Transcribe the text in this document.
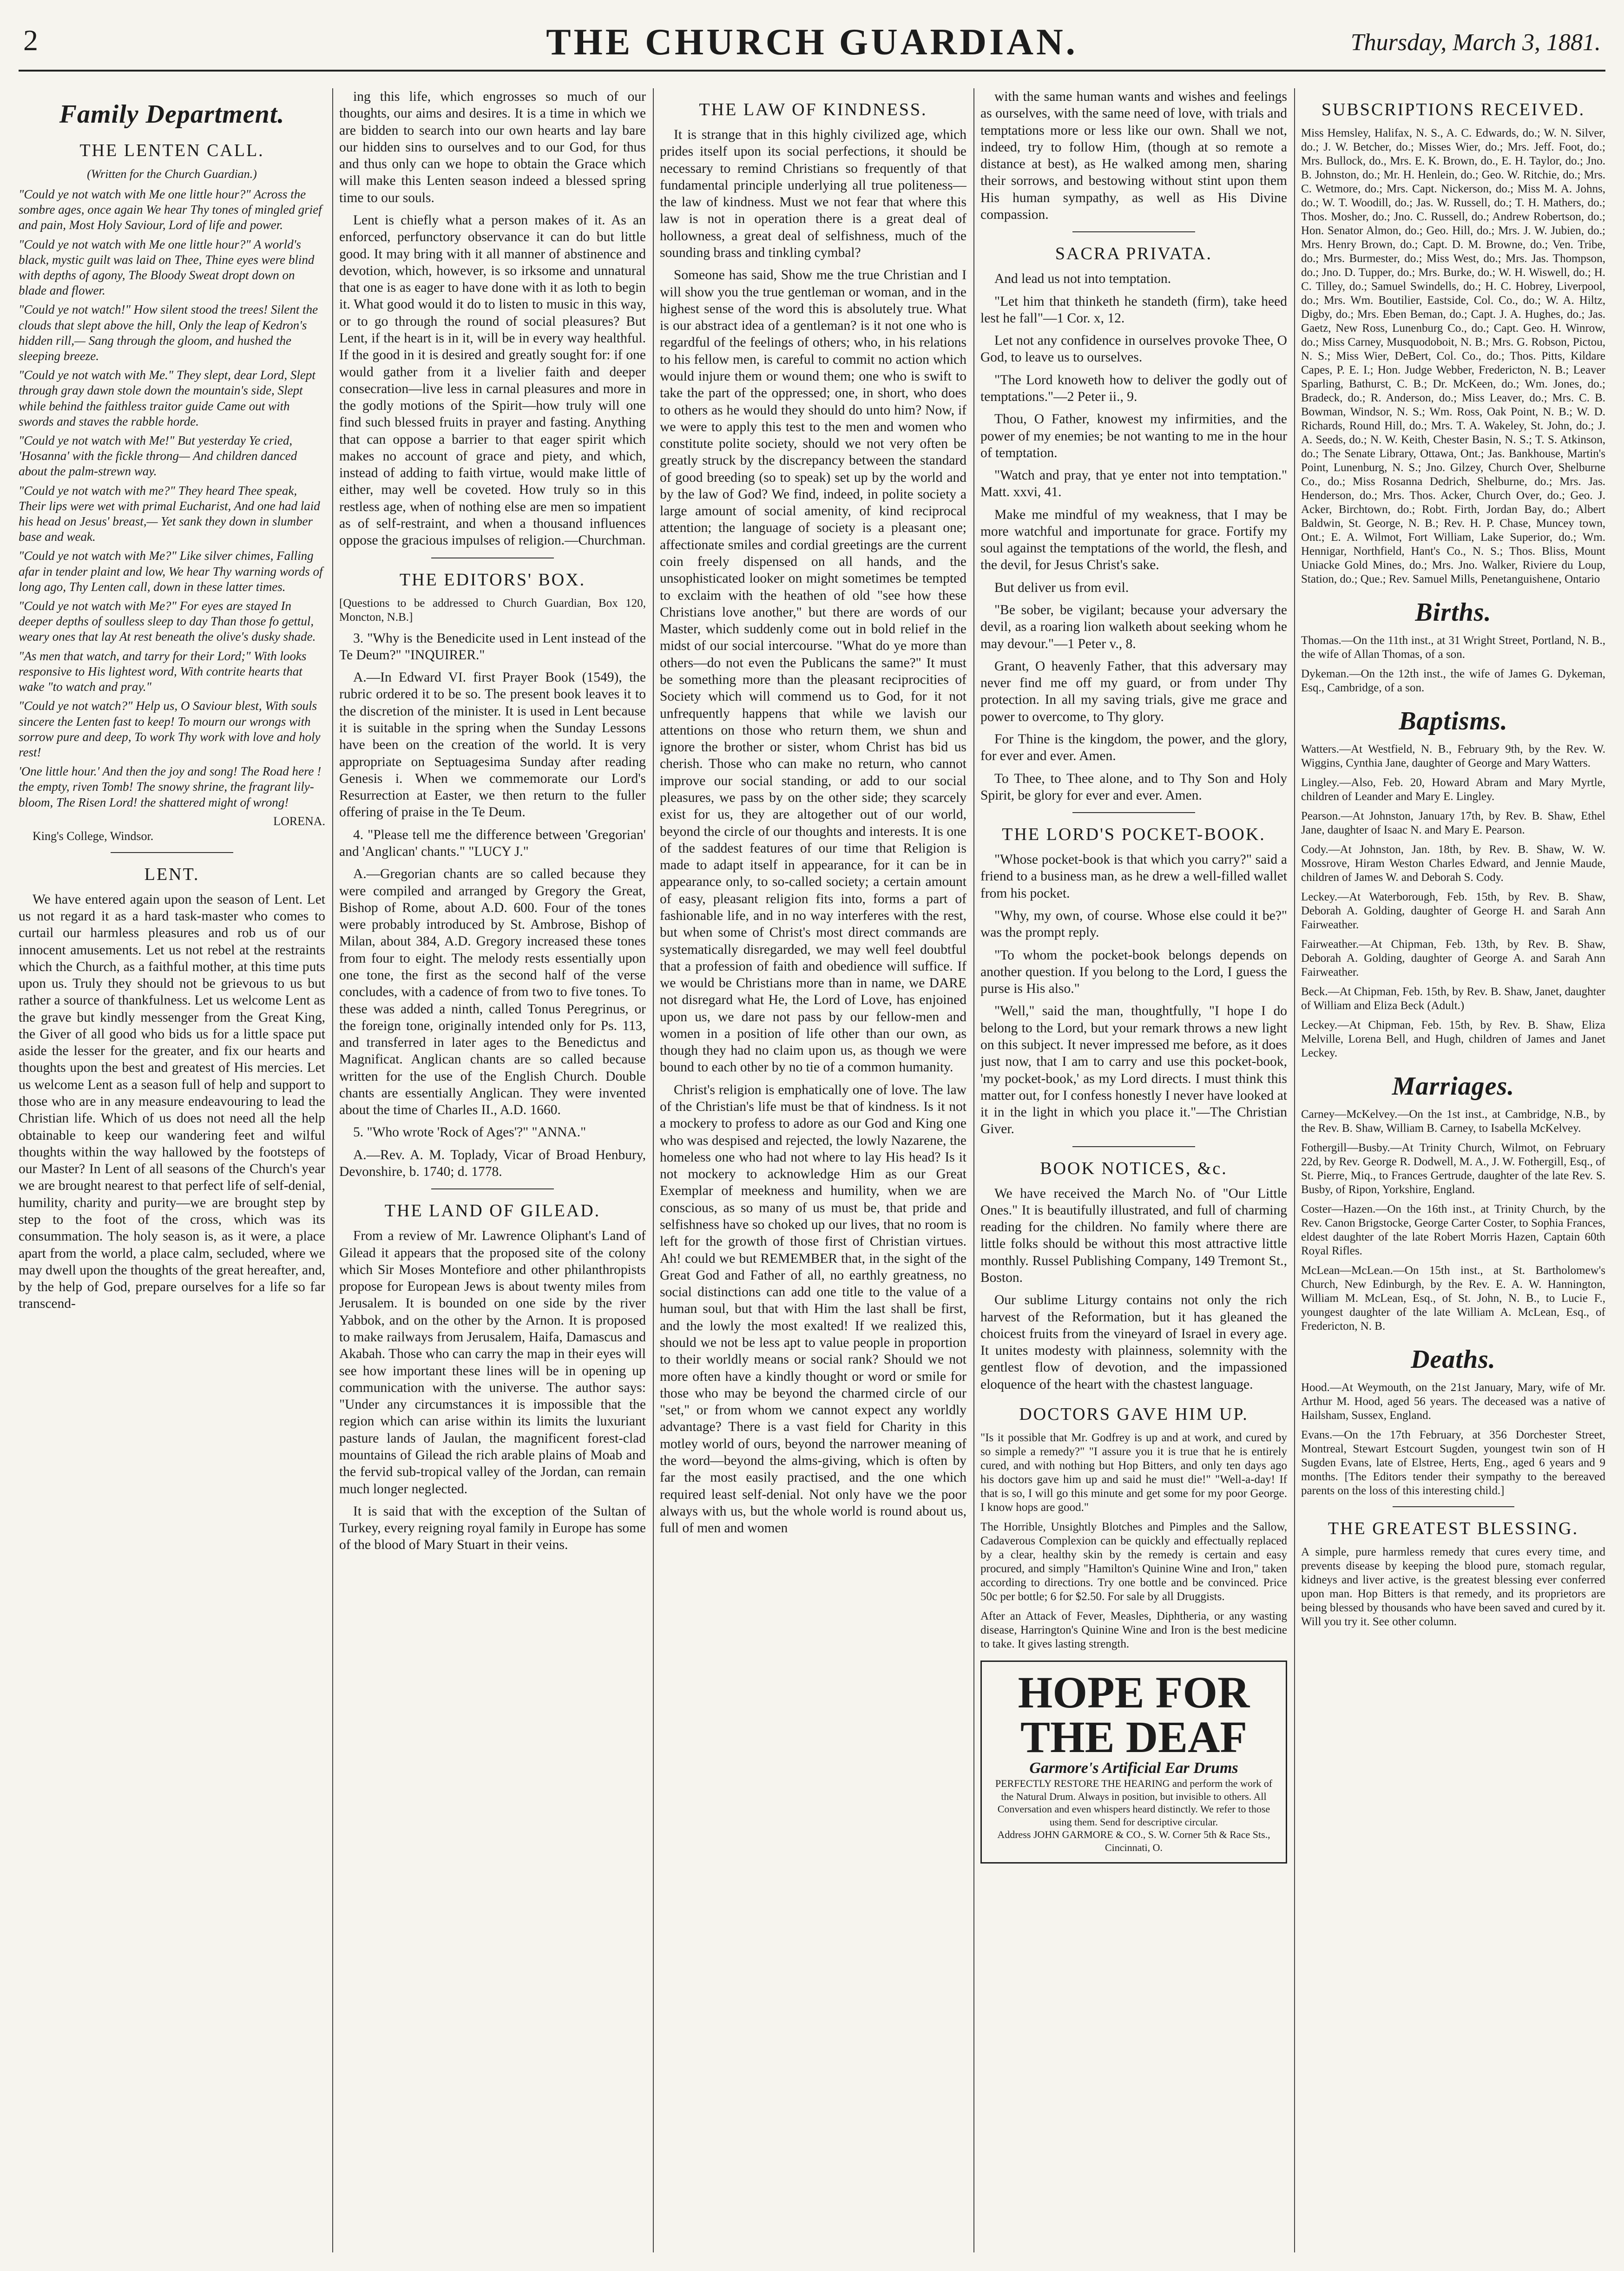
2	THE CHURCH GUARDIAN.	Thursday, March 3, 1881.
Family Department.
THE LENTEN CALL.
(Written for the Church Guardian.)

"Could ye not watch with Me one little hour?" Across the sombre ages, once again We hear Thy tones of mingled grief and pain, Most Holy Saviour, Lord of life and power.

"Could ye not watch with Me one little hour?" A world's black, mystic guilt was laid on Thee, Thine eyes were blind with depths of agony, The Bloody Sweat dropt down on blade and flower.

"Could ye not watch!" How silent stood the trees! Silent the clouds that slept above the hill, Only the leap of Kedron's hidden rill,— Sang through the gloom, and hushed the sleeping breeze.

"Could ye not watch with Me." They slept, dear Lord, Slept through gray dawn stole down the mountain's side, Slept while behind the faithless traitor guide Came out with swords and staves the rabble horde.

"Could ye not watch with Me!" But yesterday Ye cried, 'Hosanna' with the fickle throng— And children danced about the palm-strewn way.

"Could ye not watch with me?" They heard Thee speak, Their lips were wet with primal Eucharist, And one had laid his head on Jesus' breast,— Yet sank they down in slumber base and weak.

"Could ye not watch with Me?" Like silver chimes, Falling afar in tender plaint and low, We hear Thy warning words of long ago, Thy Lenten call, down in these latter times.

"Could ye not watch with Me?" For eyes are stayed In deeper depths of soulless sleep to day Than those fo gettul, weary ones that lay At rest beneath the olive's dusky shade.

"As men that watch, and tarry for their Lord;" With looks responsive to His lightest word, With contrite hearts that wake "to watch and pray."

"Could ye not watch?" Help us, O Saviour blest, With souls sincere the Lenten fast to keep! To mourn our wrongs with sorrow pure and deep, To work Thy work with love and holy rest!

'One little hour.' And then the joy and song! The Road here ! the empty, riven Tomb! The snowy shrine, the fragrant lily-bloom, The Risen Lord! the shattered might of wrong!

LORENA.

King's College, Windsor.

LENT.

We have entered again upon the season of Lent. Let us not regard it as a hard task-master who comes to curtail our harmless pleasures and rob us of our innocent amusements. Let us not rebel at the restraints which the Church, as a faithful mother, at this time puts upon us. Truly they should not be grievous to us but rather a source of thankfulness. Let us welcome Lent as the grave but kindly messenger from the Great King, the Giver of all good who bids us for a little space put aside the lesser for the greater, and fix our hearts and thoughts upon the best and greatest of His mercies. Let us welcome Lent as a season full of help and support to those who are in any measure endeavouring to lead the Christian life. Which of us does not need all the help obtainable to keep our wandering feet and wilful thoughts within the way hallowed by the footsteps of our Master? In Lent of all seasons of the Church's year we are brought nearest to that perfect life of self-denial, humility, charity and purity—we are brought step by step to the foot of the cross, which was its consummation. The holy season is, as it were, a place apart from the world, a place calm, secluded, where we may dwell upon the thoughts of the great hereafter, and, by the help of God, prepare ourselves for a life so far transcend-

ing this life, which engrosses so much of our thoughts, our aims and desires. It is a time in which we are bidden to search into our own hearts and lay bare our hidden sins to ourselves and to our God, for thus and thus only can we hope to obtain the Grace which will make this Lenten season indeed a blessed spring time to our souls.

Lent is chiefly what a person makes of it. As an enforced, perfunctory observance it can do but little good. It may bring with it all manner of abstinence and devotion, which, however, is so irksome and unnatural that one is as eager to have done with it as loth to begin it. What good would it do to listen to music in this way, or to go through the round of social pleasures? But Lent, if the heart is in it, will be in every way healthful. If the good in it is desired and greatly sought for: if one would gather from it a livelier faith and deeper consecration—live less in carnal pleasures and more in the godly motions of the Spirit—how truly will one find such blessed fruits in prayer and fasting. Anything that can oppose a barrier to that eager spirit which makes no account of grace and piety, and which, instead of adding to faith virtue, would make little of either, may well be coveted. How truly so in this restless age, when of nothing else are men so impatient as of self-restraint, and when a thousand influences oppose the gracious impulses of religion.—Churchman.

THE EDITORS' BOX.

[Questions to be addressed to Church Guardian, Box 120, Moncton, N.B.]

3. "Why is the Benedicite used in Lent instead of the Te Deum?" "INQUIRER."

A.—In Edward VI. first Prayer Book (1549), the rubric ordered it to be so. The present book leaves it to the discretion of the minister. It is used in Lent because it is suitable in the spring when the Sunday Lessons have been on the creation of the world. It is very appropriate on Septuagesima Sunday after reading Genesis i. When we commemorate our Lord's Resurrection at Easter, we then return to the fuller offering of praise in the Te Deum.

4. "Please tell me the difference between 'Gregorian' and 'Anglican' chants." "LUCY J."

A.—Gregorian chants are so called because they were compiled and arranged by Gregory the Great, Bishop of Rome, about A.D. 600. Four of the tones were probably introduced by St. Ambrose, Bishop of Milan, about 384, A.D. Gregory increased these tones from four to eight. The melody rests essentially upon one tone, the first as the second half of the verse concludes, with a cadence of from two to five tones. To these was added a ninth, called Tonus Peregrinus, or the foreign tone, originally intended only for Ps. 113, and transferred in later ages to the Benedictus and Magnificat. Anglican chants are so called because written for the use of the English Church. Double chants are essentially Anglican. They were invented about the time of Charles II., A.D. 1660.

5. "Who wrote 'Rock of Ages'?" "ANNA."

A.—Rev. A. M. Toplady, Vicar of Broad Henbury, Devonshire, b. 1740; d. 1778.

THE LAND OF GILEAD.

From a review of Mr. Lawrence Oliphant's Land of Gilead it appears that the proposed site of the colony which Sir Moses Montefiore and other philanthropists propose for European Jews is about twenty miles from Jerusalem. It is bounded on one side by the river Yabbok, and on the other by the Arnon. It is proposed to make railways from Jerusalem, Haifa, Damascus and Akabah. Those who can carry the map in their eyes will see how important these lines will be in opening up communication with the universe. The author says: "Under any circumstances it is impossible that the region which can arise within its limits the luxuriant pasture lands of Jaulan, the magnificent forest-clad mountains of Gilead the rich arable plains of Moab and the fervid sub-tropical valley of the Jordan, can remain much longer neglected.

It is said that with the exception of the Sultan of Turkey, every reigning royal family in Europe has some of the blood of Mary Stuart in their veins.

THE LAW OF KINDNESS.

It is strange that in this highly civilized age, which prides itself upon its social perfections, it should be necessary to remind Christians so frequently of that fundamental principle underlying all true politeness—the law of kindness. Must we not fear that where this law is not in operation there is a great deal of hollowness, a great deal of selfishness, much of the sounding brass and tinkling cymbal?

Someone has said, Show me the true Christian and I will show you the true gentleman or woman, and in the highest sense of the word this is absolutely true. What is our abstract idea of a gentleman? is it not one who is regardful of the feelings of others; who, in his relations to his fellow men, is careful to commit no action which would injure them or wound them; one who is swift to take the part of the oppressed; one, in short, who does to others as he would they should do unto him? Now, if we were to apply this test to the men and women who constitute polite society, should we not very often be greatly struck by the discrepancy between the standard of good breeding (so to speak) set up by the world and by the law of God? We find, indeed, in polite society a large amount of social amenity, of kind reciprocal attention; the language of society is a pleasant one; affectionate smiles and cordial greetings are the current coin freely dispensed on all hands, and the unsophisticated looker on might sometimes be tempted to exclaim with the heathen of old "see how these Christians love another," but there are words of our Master, which suddenly come out in bold relief in the midst of our social intercourse. "What do ye more than others—do not even the Publicans the same?" It must be something more than the pleasant reciprocities of Society which will commend us to God, for it not unfrequently happens that while we lavish our attentions on those who return them, we shun and ignore the brother or sister, whom Christ has bid us cherish. Those who can make no return, who cannot improve our social standing, or add to our social pleasures, we pass by on the other side; they scarcely exist for us, they are altogether out of our world, beyond the circle of our thoughts and interests. It is one of the saddest features of our time that Religion is made to adapt itself in appearance, for it can be in appearance only, to so-called society; a certain amount of easy, pleasant religion fits into, forms a part of fashionable life, and in no way interferes with the rest, but when some of Christ's most direct commands are systematically disregarded, we may well feel doubtful that a profession of faith and obedience will suffice. If we would be Christians more than in name, we DARE not disregard what He, the Lord of Love, has enjoined upon us, we dare not pass by our fellow-men and women in a position of life other than our own, as though they had no claim upon us, as though we were bound to each other by no tie of a common humanity.

Christ's religion is emphatically one of love. The law of the Christian's life must be that of kindness. Is it not a mockery to profess to adore as our God and King one who was despised and rejected, the lowly Nazarene, the homeless one who had not where to lay His head? Is it not mockery to acknowledge Him as our Great Exemplar of meekness and humility, when we are conscious, as so many of us must be, that pride and selfishness have so choked up our lives, that no room is left for the growth of those first of Christian virtues. Ah! could we but REMEMBER that, in the sight of the Great God and Father of all, no earthly greatness, no social distinctions can add one title to the value of a human soul, but that with Him the last shall be first, and the lowly the most exalted! If we realized this, should we not be less apt to value people in proportion to their worldly means or social rank? Should we not more often have a kindly thought or word or smile for those who may be beyond the charmed circle of our "set," or from whom we cannot expect any worldly advantage? There is a vast field for Charity in this motley world of ours, beyond the narrower meaning of the word—beyond the alms-giving, which is often by far the most easily practised, and the one which required least self-denial. Not only have we the poor always with us, but the whole world is round about us, full of men and women

with the same human wants and wishes and feelings as ourselves, with the same need of love, with trials and temptations more or less like our own. Shall we not, indeed, try to follow Him, (though at so remote a distance at best), as He walked among men, sharing their sorrows, and bestowing without stint upon them His human sympathy, as well as His Divine compassion.

SACRA PRIVATA.

And lead us not into temptation.

"Let him that thinketh he standeth (firm), take heed lest he fall"—1 Cor. x, 12.

Let not any confidence in ourselves provoke Thee, O God, to leave us to ourselves.

"The Lord knoweth how to deliver the godly out of temptations."—2 Peter ii., 9.

Thou, O Father, knowest my infirmities, and the power of my enemies; be not wanting to me in the hour of temptation.

"Watch and pray, that ye enter not into temptation." Matt. xxvi, 41.

Make me mindful of my weakness, that I may be more watchful and importunate for grace. Fortify my soul against the temptations of the world, the flesh, and the devil, for Jesus Christ's sake.

But deliver us from evil.

"Be sober, be vigilant; because your adversary the devil, as a roaring lion walketh about seeking whom he may devour."—1 Peter v., 8.

Grant, O heavenly Father, that this adversary may never find me off my guard, or from under Thy protection. In all my saving trials, give me grace and power to overcome, to Thy glory.

For Thine is the kingdom, the power, and the glory, for ever and ever. Amen.

To Thee, to Thee alone, and to Thy Son and Holy Spirit, be glory for ever and ever. Amen.

THE LORD'S POCKET-BOOK.

"Whose pocket-book is that which you carry?" said a friend to a business man, as he drew a well-filled wallet from his pocket.

"Why, my own, of course. Whose else could it be?" was the prompt reply.

"To whom the pocket-book belongs depends on another question. If you belong to the Lord, I guess the purse is His also."

"Well," said the man, thoughtfully, "I hope I do belong to the Lord, but your remark throws a new light on this subject. It never impressed me before, as it does just now, that I am to carry and use this pocket-book, 'my pocket-book,' as my Lord directs. I must think this matter out, for I confess honestly I never have looked at it in the light in which you place it."—The Christian Giver.

BOOK NOTICES, &c.

We have received the March No. of "Our Little Ones." It is beautifully illustrated, and full of charming reading for the children. No family where there are little folks should be without this most attractive little monthly. Russel Publishing Company, 149 Tremont St., Boston.

Our sublime Liturgy contains not only the rich harvest of the Reformation, but it has gleaned the choicest fruits from the vineyard of Israel in every age. It unites modesty with plainness, solemnity with the gentlest flow of devotion, and the impassioned eloquence of the heart with the chastest language.

DOCTORS GAVE HIM UP.

"Is it possible that Mr. Godfrey is up and at work, and cured by so simple a remedy?" "I assure you it is true that he is entirely cured, and with nothing but Hop Bitters, and only ten days ago his doctors gave him up and said he must die!" "Well-a-day! If that is so, I will go this minute and get some for my poor George. I know hops are good."

The Horrible, Unsightly Blotches and Pimples and the Sallow, Cadaverous Complexion can be quickly and effectually replaced by a clear, healthy skin by the remedy is certain and easy procured, and simply "Hamilton's Quinine Wine and Iron," taken according to directions. Try one bottle and be convinced. Price 50c per bottle; 6 for $2.50. For sale by all Druggists.

After an Attack of Fever, Measles, Diphtheria, or any wasting disease, Harrington's Quinine Wine and Iron is the best medicine to take. It gives lasting strength.

HOPE FOR THE DEAF
Garmore's Artificial Ear Drums
PERFECTLY RESTORE THE HEARING and perform the work of the Natural Drum. Always in position, but invisible to others. All Conversation and even whispers heard distinctly. We refer to those using them. Send for descriptive circular.
Address JOHN GARMORE & CO., S. W. Corner 5th & Race Sts., Cincinnati, O.
SUBSCRIPTIONS RECEIVED.

Miss Hemsley, Halifax, N. S., A. C. Edwards, do.; W. N. Silver, do.; J. W. Betcher, do.; Misses Wier, do.; Mrs. Jeff. Foot, do.; Mrs. Bullock, do., Mrs. E. K. Brown, do., E. H. Taylor, do.; Jno. B. Johnston, do.; Mr. H. Henlein, do.; Geo. W. Ritchie, do.; Mrs. C. Wetmore, do.; Mrs. Capt. Nickerson, do.; Miss M. A. Johns, do.; W. T. Woodill, do.; Jas. W. Russell, do.; T. H. Mathers, do.; Thos. Mosher, do.; Jno. C. Russell, do.; Andrew Robertson, do.; Hon. Senator Almon, do.; Geo. Hill, do.; Mrs. J. W. Jubien, do.; Mrs. Henry Brown, do.; Capt. D. M. Browne, do.; Ven. Tribe, do.; Mrs. Burmester, do.; Miss West, do.; Mrs. Jas. Thompson, do.; Jno. D. Tupper, do.; Mrs. Burke, do.; W. H. Wiswell, do.; H. C. Tilley, do.; Samuel Swindells, do.; H. C. Hobrey, Liverpool, do.; Mrs. Wm. Boutilier, Eastside, Col. Co., do.; W. A. Hiltz, Digby, do.; Mrs. Eben Beman, do.; Capt. J. A. Hughes, do.; Jas. Gaetz, New Ross, Lunenburg Co., do.; Capt. Geo. H. Winrow, do.; Miss Carney, Musquodoboit, N. B.; Mrs. G. Robson, Pictou, N. S.; Miss Wier, DeBert, Col. Co., do.; Thos. Pitts, Kildare Capes, P. E. I.; Hon. Judge Webber, Fredericton, N. B.; Leaver Sparling, Bathurst, C. B.; Dr. McKeen, do.; Wm. Jones, do.; Bradeck, do.; R. Anderson, do.; Miss Leaver, do.; Mrs. C. B. Bowman, Windsor, N. S.; Wm. Ross, Oak Point, N. B.; W. D. Richards, Round Hill, do.; Mrs. T. A. Wakeley, St. John, do.; J. A. Seeds, do.; N. W. Keith, Chester Basin, N. S.; T. S. Atkinson, do.; The Senate Library, Ottawa, Ont.; Jas. Bankhouse, Martin's Point, Lunenburg, N. S.; Jno. Gilzey, Church Over, Shelburne Co., do.; Miss Rosanna Dedrich, Shelburne, do.; Mrs. Jas. Henderson, do.; Mrs. Thos. Acker, Church Over, do.; Geo. J. Acker, Birchtown, do.; Robt. Firth, Jordan Bay, do.; Albert Baldwin, St. George, N. B.; Rev. H. P. Chase, Muncey town, Ont.; E. A. Wilmot, Fort William, Lake Superior, do.; Wm. Hennigar, Northfield, Hant's Co., N. S.; Thos. Bliss, Mount Uniacke Gold Mines, do.; Mrs. Jno. Walker, Riviere du Loup, Station, do.; Que.; Rev. Samuel Mills, Penetanguishene, Ontario

Births.

Thomas.—On the 11th inst., at 31 Wright Street, Portland, N. B., the wife of Allan Thomas, of a son.

Dykeman.—On the 12th inst., the wife of James G. Dykeman, Esq., Cambridge, of a son.

Baptisms.

Watters.—At Westfield, N. B., February 9th, by the Rev. W. Wiggins, Cynthia Jane, daughter of George and Mary Watters.

Lingley.—Also, Feb. 20, Howard Abram and Mary Myrtle, children of Leander and Mary E. Lingley.

Pearson.—At Johnston, January 17th, by Rev. B. Shaw, Ethel Jane, daughter of Isaac N. and Mary E. Pearson.

Cody.—At Johnston, Jan. 18th, by Rev. B. Shaw, W. W. Mossrove, Hiram Weston Charles Edward, and Jennie Maude, children of James W. and Deborah S. Cody.

Leckey.—At Waterborough, Feb. 15th, by Rev. B. Shaw, Deborah A. Golding, daughter of George H. and Sarah Ann Fairweather.

Fairweather.—At Chipman, Feb. 13th, by Rev. B. Shaw, Deborah A. Golding, daughter of George A. and Sarah Ann Fairweather.

Beck.—At Chipman, Feb. 15th, by Rev. B. Shaw, Janet, daughter of William and Eliza Beck (Adult.)

Leckey.—At Chipman, Feb. 15th, by Rev. B. Shaw, Eliza Melville, Lorena Bell, and Hugh, children of James and Janet Leckey.

Marriages.

Carney—McKelvey.—On the 1st inst., at Cambridge, N.B., by the Rev. B. Shaw, William B. Carney, to Isabella McKelvey.

Fothergill—Busby.—At Trinity Church, Wilmot, on February 22d, by Rev. George R. Dodwell, M. A., J. W. Fothergill, Esq., of St. Pierre, Miq., to Frances Gertrude, daughter of the late Rev. S. Busby, of Ripon, Yorkshire, England.

Coster—Hazen.—On the 16th inst., at Trinity Church, by the Rev. Canon Brigstocke, George Carter Coster, to Sophia Frances, eldest daughter of the late Robert Morris Hazen, Captain 60th Royal Rifles.

McLean—McLean.—On 15th inst., at St. Bartholomew's Church, New Edinburgh, by the Rev. E. A. W. Hannington, William M. McLean, Esq., of St. John, N. B., to Lucie F., youngest daughter of the late William A. McLean, Esq., of Fredericton, N. B.

Deaths.

Hood.—At Weymouth, on the 21st January, Mary, wife of Mr. Arthur M. Hood, aged 56 years. The deceased was a native of Hailsham, Sussex, England.

Evans.—On the 17th February, at 356 Dorchester Street, Montreal, Stewart Estcourt Sugden, youngest twin son of H Sugden Evans, late of Elstree, Herts, Eng., aged 6 years and 9 months. [The Editors tender their sympathy to the bereaved parents on the loss of this interesting child.]

THE GREATEST BLESSING.

A simple, pure harmless remedy that cures every time, and prevents disease by keeping the blood pure, stomach regular, kidneys and liver active, is the greatest blessing ever conferred upon man. Hop Bitters is that remedy, and its proprietors are being blessed by thousands who have been saved and cured by it. Will you try it. See other column.
